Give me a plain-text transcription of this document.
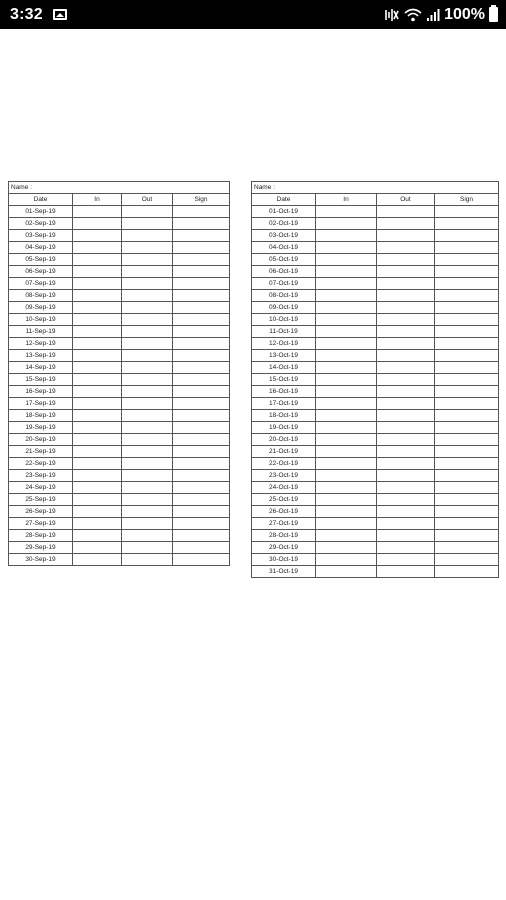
3:32	100%
Name :			
Date	In	Out	Sign
01-Sep-19			
02-Sep-19			
03-Sep-19			
04-Sep-19			
05-Sep-19			
06-Sep-19			
07-Sep-19			
08-Sep-19			
09-Sep-19			
10-Sep-19			
11-Sep-19			
12-Sep-19			
13-Sep-19			
14-Sep-19			
15-Sep-19			
16-Sep-19			
17-Sep-19			
18-Sep-19			
19-Sep-19			
20-Sep-19			
21-Sep-19			
22-Sep-19			
23-Sep-19			
24-Sep-19			
25-Sep-19			
26-Sep-19			
27-Sep-19			
28-Sep-19			
29-Sep-19			
30-Sep-19			
Name :			
Date	In	Out	Sign
01-Oct-19			
02-Oct-19			
03-Oct-19			
04-Oct-19			
05-Oct-19			
06-Oct-19			
07-Oct-19			
08-Oct-19			
09-Oct-19			
10-Oct-19			
11-Oct-19			
12-Oct-19			
13-Oct-19			
14-Oct-19			
15-Oct-19			
16-Oct-19			
17-Oct-19			
18-Oct-19			
19-Oct-19			
20-Oct-19			
21-Oct-19			
22-Oct-19			
23-Oct-19			
24-Oct-19			
25-Oct-19			
26-Oct-19			
27-Oct-19			
28-Oct-19			
29-Oct-19			
30-Oct-19			
31-Oct-19			
